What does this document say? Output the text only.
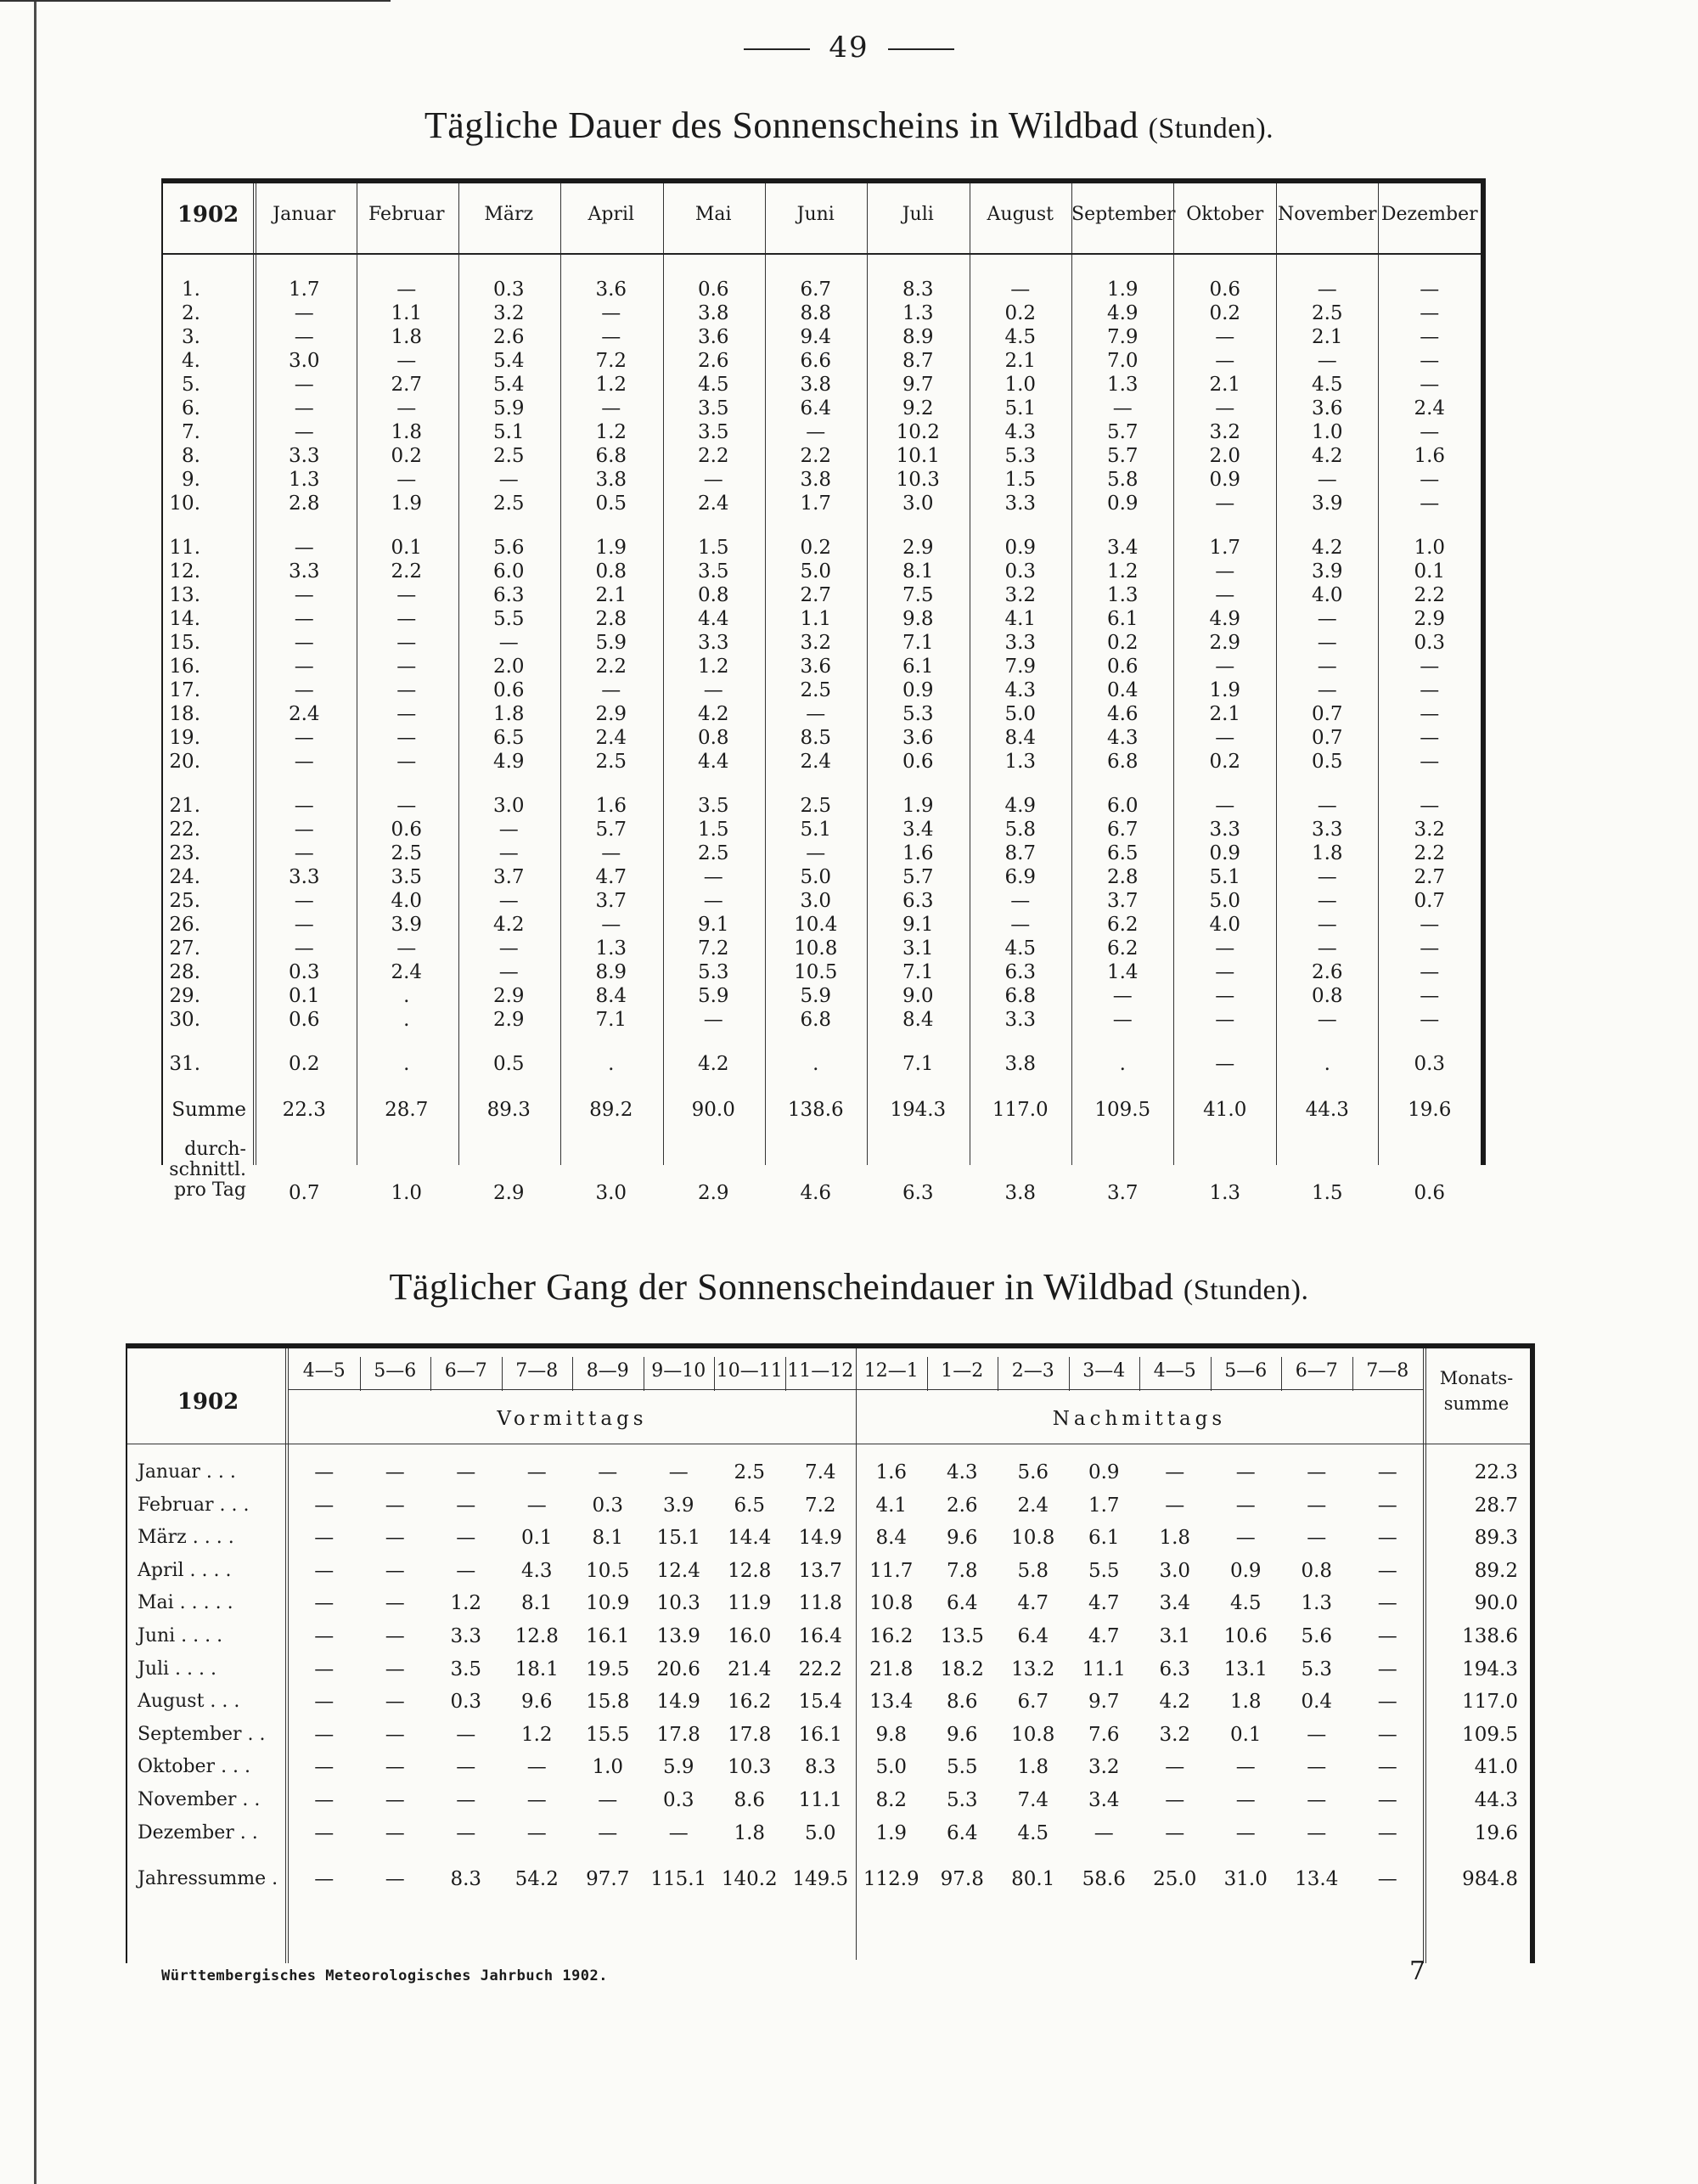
49
Tägliche Dauer des Sonnenscheins in Wildbad (Stunden).

1902	Januar	Februar	März	April	Mai	Juni	Juli	August September Oktober November Dezember
1.	1.7	—	0.3	3.6	0.6	6.7	8.3	—	1.9	0.6	—	—
2.	—	1.1	3.2	—	3.8	8.8	1.3	0.2	4.9	0.2	2.5	—
3.	—	1.8	2.6	—	3.6	9.4	8.9	4.5	7.9	—	2.1	—
4.	3.0	—	5.4	7.2	2.6	6.6	8.7	2.1	7.0	—	—	—
5.	—	2.7	5.4	1.2	4.5	3.8	9.7	1.0	1.3	2.1	4.5	—
6.	—	—	5.9	—	3.5	6.4	9.2	5.1	—	—	3.6	2.4
7.	—	1.8	5.1	1.2	3.5	—	10.2	4.3	5.7	3.2	1.0	—
8.	3.3	0.2	2.5	6.8	2.2	2.2	10.1	5.3	5.7	2.0	4.2	1.6
9.	1.3	—	—	3.8	—	3.8	10.3	1.5	5.8	0.9	—	—
10.	2.8	1.9	2.5	0.5	2.4	1.7	3.0	3.3	0.9	—	3.9	—
11.	—	0.1	5.6	1.9	1.5	0.2	2.9	0.9	3.4	1.7	4.2	1.0
12.	3.3	2.2	6.0	0.8	3.5	5.0	8.1	0.3	1.2	—	3.9	0.1
13.	—	—	6.3	2.1	0.8	2.7	7.5	3.2	1.3	—	4.0	2.2
14.	—	—	5.5	2.8	4.4	1.1	9.8	4.1	6.1	4.9	—	2.9
15.	—	—	—	5.9	3.3	3.2	7.1	3.3	0.2	2.9	—	0.3
16.	—	—	2.0	2.2	1.2	3.6	6.1	7.9	0.6	—	—	—
17.	—	—	0.6	—	—	2.5	0.9	4.3	0.4	1.9	—	—
18.	2.4	—	1.8	2.9	4.2	—	5.3	5.0	4.6	2.1	0.7	—
19.	—	—	6.5	2.4	0.8	8.5	3.6	8.4	4.3	—	0.7	—
20.	—	—	4.9	2.5	4.4	2.4	0.6	1.3	6.8	0.2	0.5	—
21.	—	—	3.0	1.6	3.5	2.5	1.9	4.9	6.0	—	—	—
22.	—	0.6	—	5.7	1.5	5.1	3.4	5.8	6.7	3.3	3.3	3.2
23.	—	2.5	—	—	2.5	—	1.6	8.7	6.5	0.9	1.8	2.2
24.	3.3	3.5	3.7	4.7	—	5.0	5.7	6.9	2.8	5.1	—	2.7
25.	—	4.0	—	3.7	—	3.0	6.3	—	3.7	5.0	—	0.7
26.	—	3.9	4.2	—	9.1	10.4	9.1	—	6.2	4.0	—	—
27.	—	—	—	1.3	7.2	10.8	3.1	4.5	6.2	—	—	—
28.	0.3	2.4	—	8.9	5.3	10.5	7.1	6.3	1.4	—	2.6	—
29.	0.1	.	2.9	8.4	5.9	5.9	9.0	6.8	—	—	0.8	—
30.	0.6	.	2.9	7.1	—	6.8	8.4	3.3	—	—	—	—
31.	0.2	.	0.5	.	4.2	.	7.1	3.8	.	—	.	0.3
Summe	22.3	28.7	89.3	89.2	90.0	138.6	194.3	117.0	109.5	41.0	44.3	19.6
durch-
schnittl.
pro Tag	0.7	1.0	2.9	3.0	2.9	4.6	6.3	3.8	3.7	1.3	1.5	0.6
Täglicher Gang der Sonnenscheindauer in Wildbad (Stunden).
1902
4—5	5—6	6—7	7—8	8—9	9—10 10—11 11—12 12—1	1—2	2—3	3—4	4—5	5—6	6—7	7—8
Vormittags	Nachmittags
Monats-
summe
Januar . . .	—	—	—	—	—	—	2.5	7.4	1.6	4.3	5.6	0.9	—	—	—	—	22.3
Februar . . .	—	—	—	—	0.3	3.9	6.5	7.2	4.1	2.6	2.4	1.7	—	—	—	—	28.7
März . . . .	—	—	—	0.1	8.1	15.1	14.4	14.9	8.4	9.6	10.8	6.1	1.8	—	—	—	89.3
April . . . .	—	—	—	4.3	10.5	12.4	12.8	13.7	11.7	7.8	5.8	5.5	3.0	0.9	0.8	—	89.2
Mai . . . . .	—	—	1.2	8.1	10.9	10.3	11.9	11.8	10.8	6.4	4.7	4.7	3.4	4.5	1.3	—	90.0
Juni . . . .	—	—	3.3	12.8	16.1	13.9	16.0	16.4	16.2	13.5	6.4	4.7	3.1	10.6	5.6	—	138.6
Juli . . . .	—	—	3.5	18.1	19.5	20.6	21.4	22.2	21.8	18.2	13.2	11.1	6.3	13.1	5.3	—	194.3
August . . .	—	—	0.3	9.6	15.8	14.9	16.2	15.4	13.4	8.6	6.7	9.7	4.2	1.8	0.4	—	117.0
September . .	—	—	—	1.2	15.5	17.8	17.8	16.1	9.8	9.6	10.8	7.6	3.2	0.1	—	—	109.5
Oktober . . .	—	—	—	—	1.0	5.9	10.3	8.3	5.0	5.5	1.8	3.2	—	—	—	—	41.0
November . .	—	—	—	—	—	0.3	8.6	11.1	8.2	5.3	7.4	3.4	—	—	—	—	44.3
Dezember . .	—	—	—	—	—	—	1.8	5.0	1.9	6.4	4.5	—	—	—	—	—	19.6
Jahressumme .	—	—	8.3	54.2	97.7	115.1 140.2 149.5 112.9	97.8	80.1	58.6	25.0	31.0	13.4	—	984.8
Württembergisches Meteorologisches Jahrbuch 1902.	7
